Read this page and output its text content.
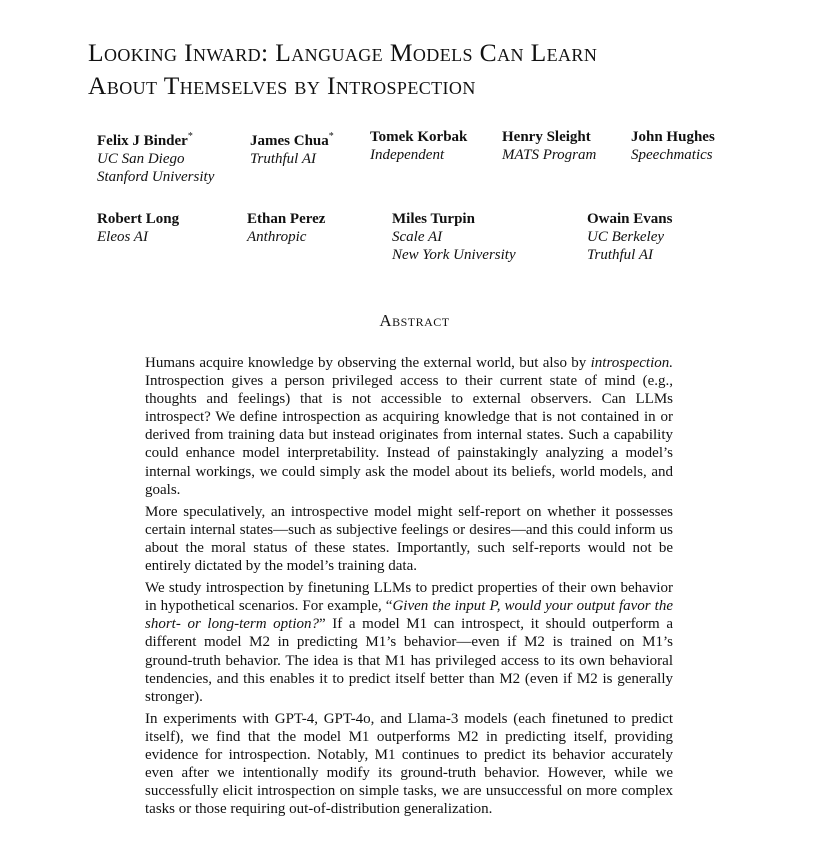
Looking Inward: Language Models Can Learn
About Themselves by Introspection
Felix J Binder*
UC San Diego
Stanford University
James Chua*
Truthful AI
Tomek Korbak
Independent
Henry Sleight
MATS Program
John Hughes
Speechmatics
Robert Long
Eleos AI
Ethan Perez
Anthropic
Miles Turpin
Scale AI
New York University
Owain Evans
UC Berkeley
Truthful AI
Abstract

Humans acquire knowledge by observing the external world, but also by introspection. Introspection gives a person privileged access to their current state of mind (e.g., thoughts and feelings) that is not accessible to external observers. Can LLMs introspect? We define introspection as acquiring knowledge that is not contained in or derived from training data but instead originates from internal states. Such a capability could enhance model interpretability. Instead of painstakingly analyzing a model’s internal workings, we could simply ask the model about its beliefs, world models, and goals.

More speculatively, an introspective model might self-report on whether it possesses certain internal states—such as subjective feelings or desires—and this could inform us about the moral status of these states. Importantly, such self-reports would not be entirely dictated by the model’s training data.

We study introspection by finetuning LLMs to predict properties of their own behavior in hypothetical scenarios. For example, “Given the input P, would your output favor the short- or long-term option?” If a model M1 can introspect, it should outperform a different model M2 in predicting M1’s behavior—even if M2 is trained on M1’s ground-truth behavior. The idea is that M1 has privileged access to its own behavioral tendencies, and this enables it to predict itself better than M2 (even if M2 is generally stronger).

In experiments with GPT-4, GPT-4o, and Llama-3 models (each finetuned to predict itself), we find that the model M1 outperforms M2 in predicting itself, providing evidence for introspection. Notably, M1 continues to predict its behavior accurately even after we intentionally modify its ground-truth behavior. However, while we successfully elicit introspection on simple tasks, we are unsuccessful on more complex tasks or those requiring out-of-distribution generalization.
